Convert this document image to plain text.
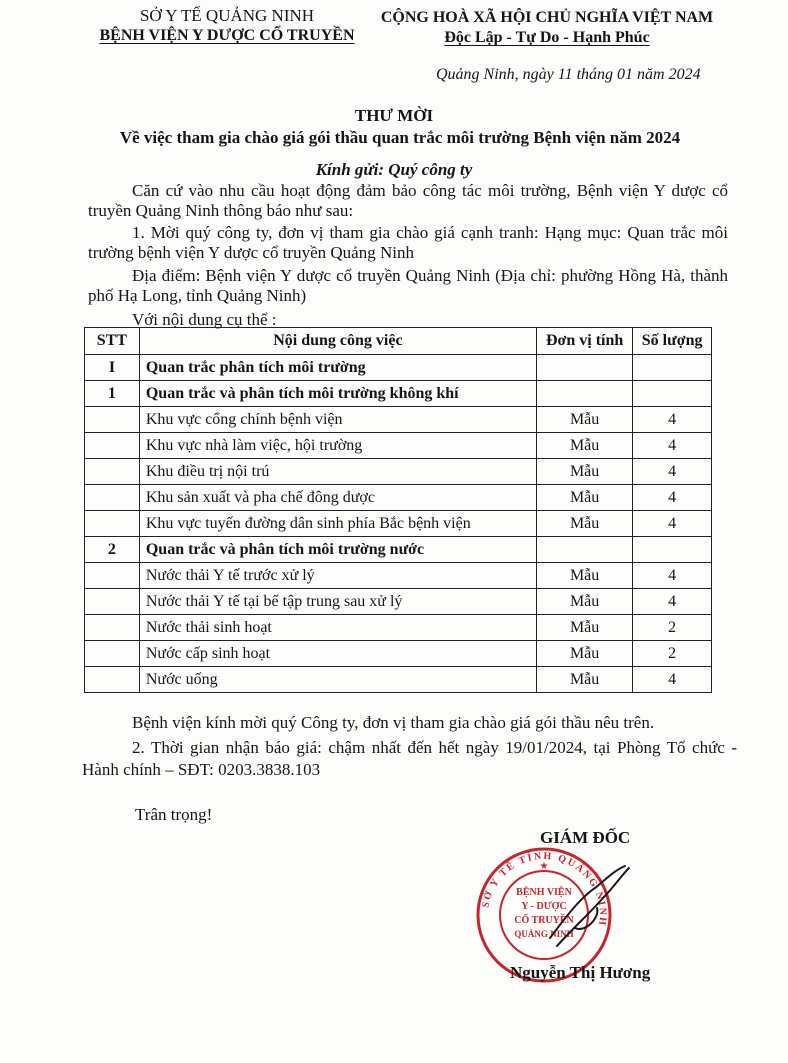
SỞ Y TẾ QUẢNG NINH
BỆNH VIỆN Y DƯỢC CỔ TRUYỀN
CỘNG HOÀ XÃ HỘI CHỦ NGHĨA VIỆT NAM
Độc Lập - Tự Do - Hạnh Phúc
Quảng Ninh, ngày 11 tháng 01 năm 2024
THƯ MỜI
Về việc tham gia chào giá gói thầu quan trắc môi trường Bệnh viện năm 2024
Kính gửi: Quý công ty
Căn cứ vào nhu cầu hoạt động đảm bảo công tác môi trường, Bệnh viện Y dược cổ truyền Quảng Ninh thông báo như sau:
1. Mời quý công ty, đơn vị tham gia chào giá cạnh tranh: Hạng mục: Quan trắc môi trường bệnh viện Y dược cổ truyền Quảng Ninh
Địa điểm: Bệnh viện Y dược cổ truyền Quảng Ninh (Địa chỉ: phường Hồng Hà, thành phố Hạ Long, tỉnh Quảng Ninh)
Với nội dung cụ thể :
STT	Nội dung công việc	Đơn vị tính	Số lượng
I	Quan trắc phân tích môi trường		
1	Quan trắc và phân tích môi trường không khí		
	Khu vực cổng chính bệnh viện	Mẫu	4
	Khu vực nhà làm việc, hội trường	Mẫu	4
	Khu điều trị nội trú	Mẫu	4
	Khu sản xuất và pha chế đông dược	Mẫu	4
	Khu vực tuyến đường dân sinh phía Bắc bệnh viện	Mẫu	4
2	Quan trắc và phân tích môi trường nước		
	Nước thải Y tế trước xử lý	Mẫu	4
	Nước thải Y tế tại bể tập trung sau xử lý	Mẫu	4
	Nước thải sinh hoạt	Mẫu	2
	Nước cấp sinh hoạt	Mẫu	2
	Nước uống	Mẫu	4
Bệnh viện kính mời quý Công ty, đơn vị tham gia chào giá gói thầu nêu trên.
2. Thời gian nhận báo giá: chậm nhất đến hết ngày 19/01/2024, tại Phòng Tổ chức - Hành chính – SĐT: 0203.3838.103
Trân trọng!
GIÁM ĐỐC
SỞ Y TẾ TỈNH QUẢNG NINH
BỆNH VIỆN
Y - DƯỢC
CỔ TRUYỀN
QUẢNG NINH
★
Nguyễn Thị Hương
